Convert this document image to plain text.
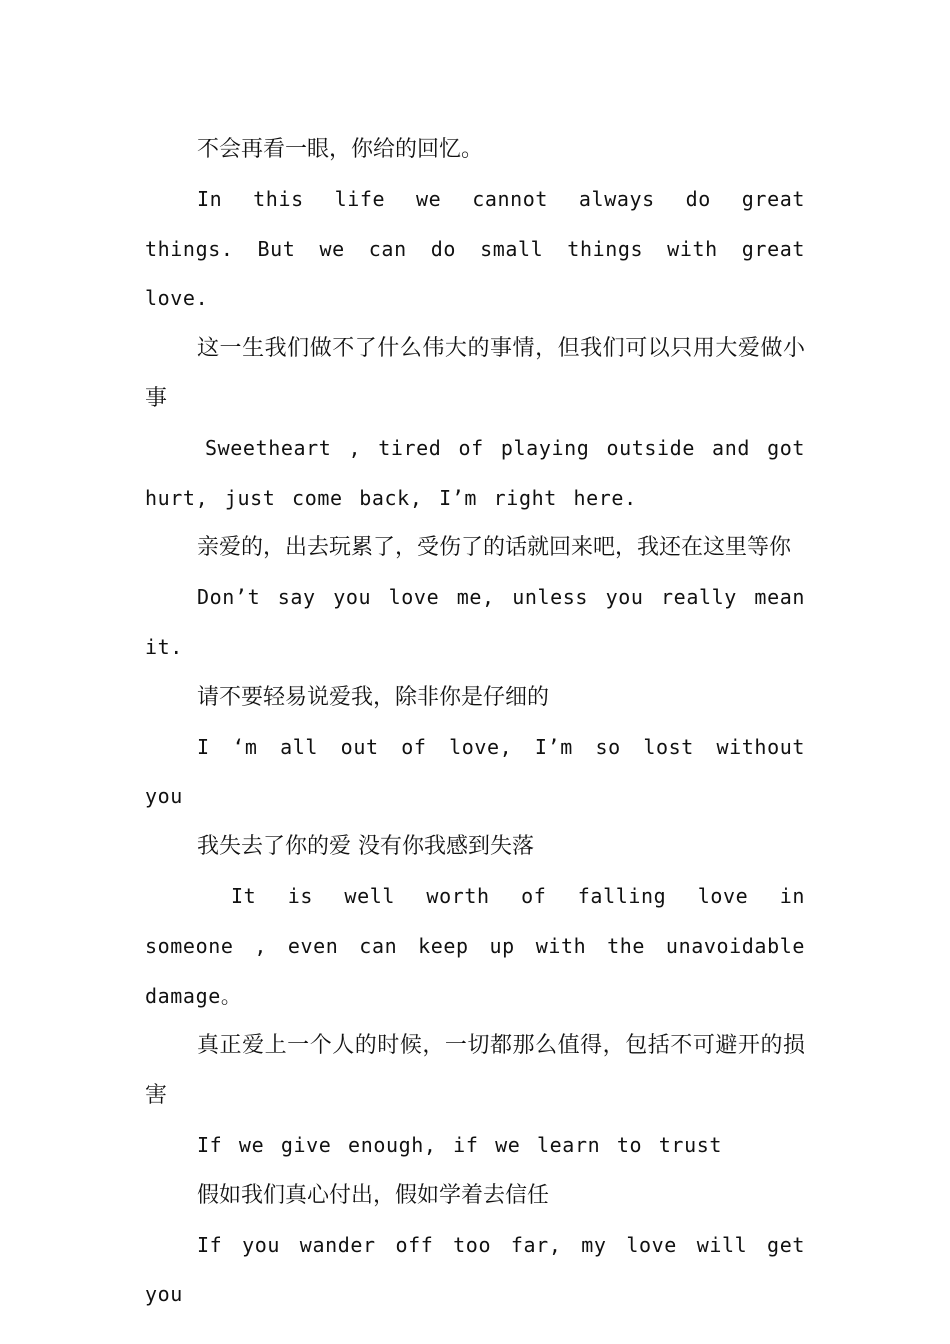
不会再看一眼，你给的回忆。

In this life we cannot always do great things. But we can do small things with great love.

这一生我们做不了什么伟大的事情，但我们可以只用大爱做小事

Sweetheart , tired of playing outside and got hurt, just come back, I’m right here.

亲爱的，出去玩累了，受伤了的话就回来吧，我还在这里等你

Don’t say you love me, unless you really mean it.

请不要轻易说爱我，除非你是仔细的

I ‘m all out of love, I’m so lost without you

我失去了你的爱 没有你我感到失落

It is well worth of falling love in someone , even can keep up with the unavoidable damage。

真正爱上一个人的时候，一切都那么值得，包括不可避开的损害

If we give enough, if we learn to trust

假如我们真心付出，假如学着去信任

If you wander off too far, my love will get you
